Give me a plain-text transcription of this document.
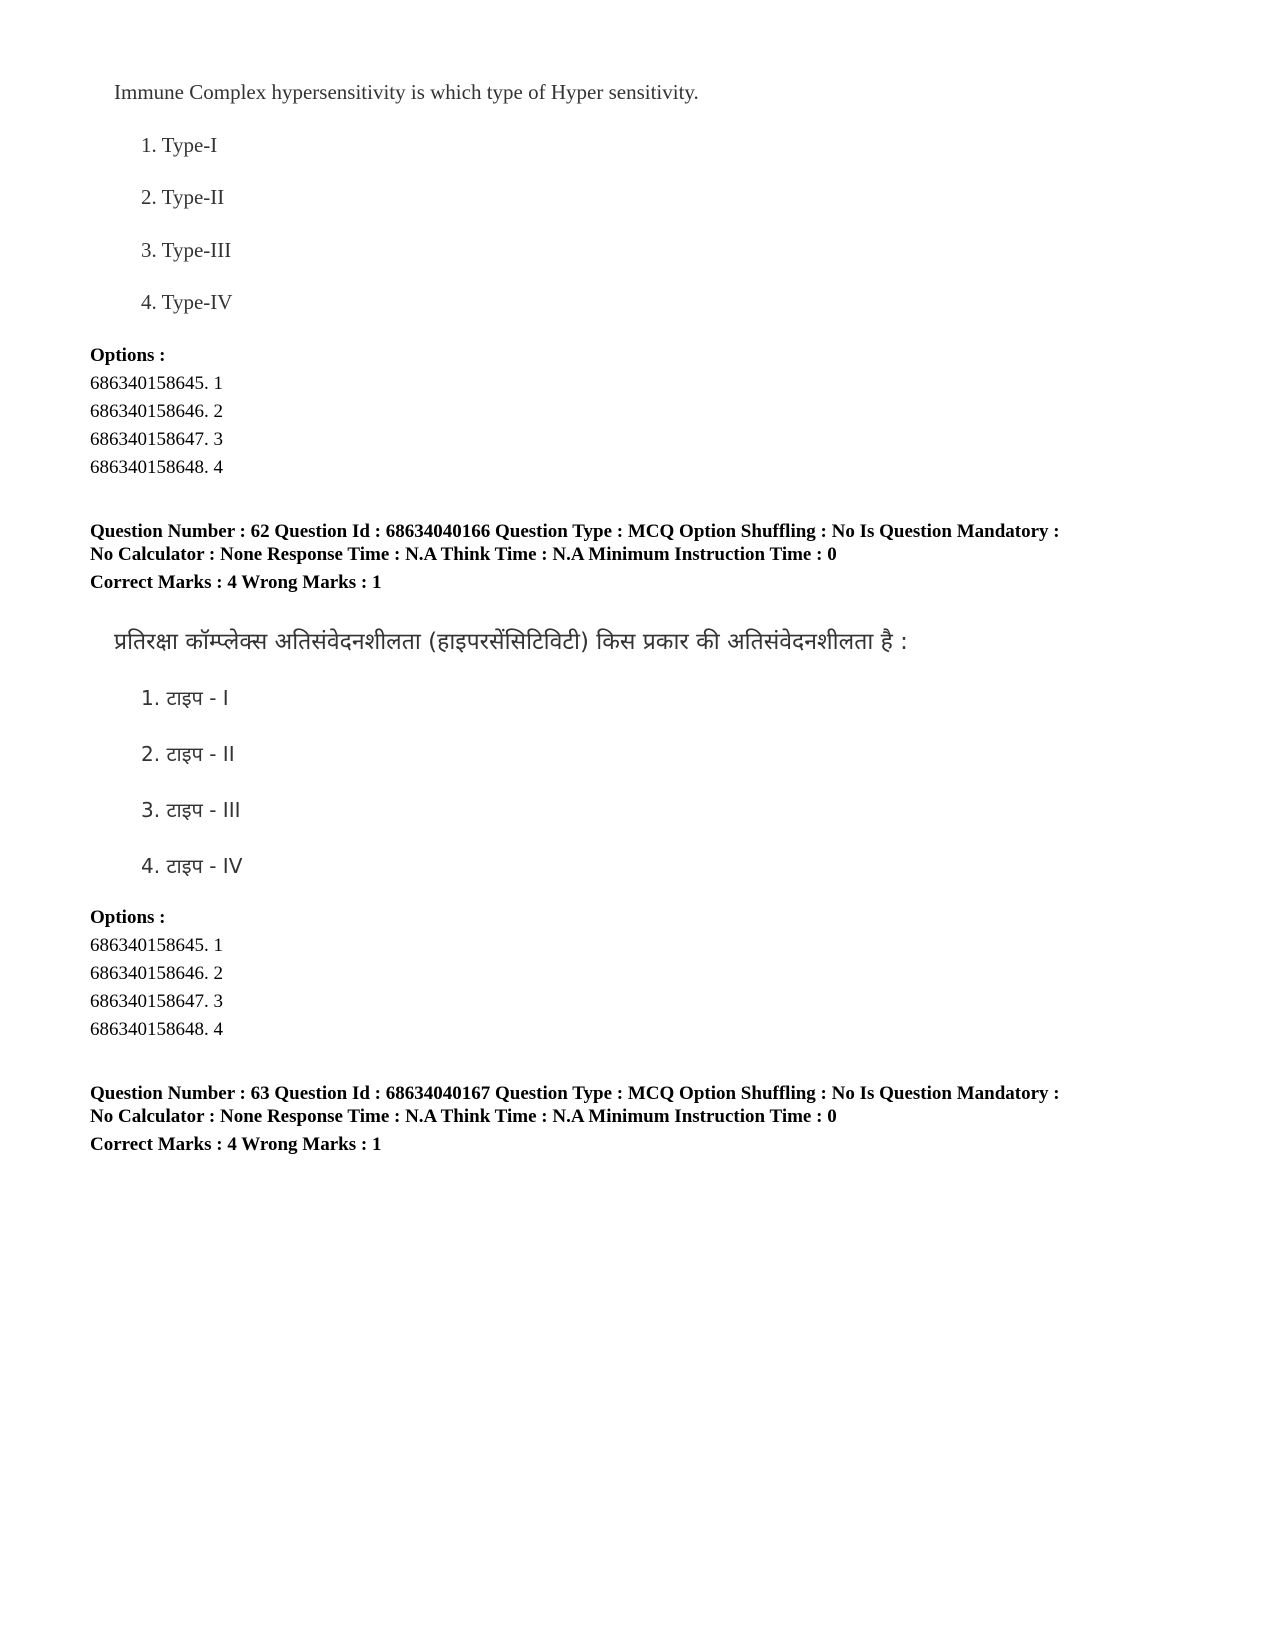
Immune Complex hypersensitivity is which type of Hyper sensitivity.
1. Type-I
2. Type-II
3. Type-III
4. Type-IV
Options :
686340158645. 1
686340158646. 2
686340158647. 3
686340158648. 4
Question Number : 62 Question Id : 68634040166 Question Type : MCQ Option Shuffling : No Is Question Mandatory :
No Calculator : None Response Time : N.A Think Time : N.A Minimum Instruction Time : 0
Correct Marks : 4 Wrong Marks : 1
प्रतिरक्षा कॉम्प्लेक्स अतिसंवेदनशीलता (हाइपरसेंसिटिविटी) किस प्रकार की अतिसंवेदनशीलता है :
1. टाइप - I
2. टाइप - II
3. टाइप - III
4. टाइप - IV
Options :
686340158645. 1
686340158646. 2
686340158647. 3
686340158648. 4
Question Number : 63 Question Id : 68634040167 Question Type : MCQ Option Shuffling : No Is Question Mandatory :
No Calculator : None Response Time : N.A Think Time : N.A Minimum Instruction Time : 0
Correct Marks : 4 Wrong Marks : 1
